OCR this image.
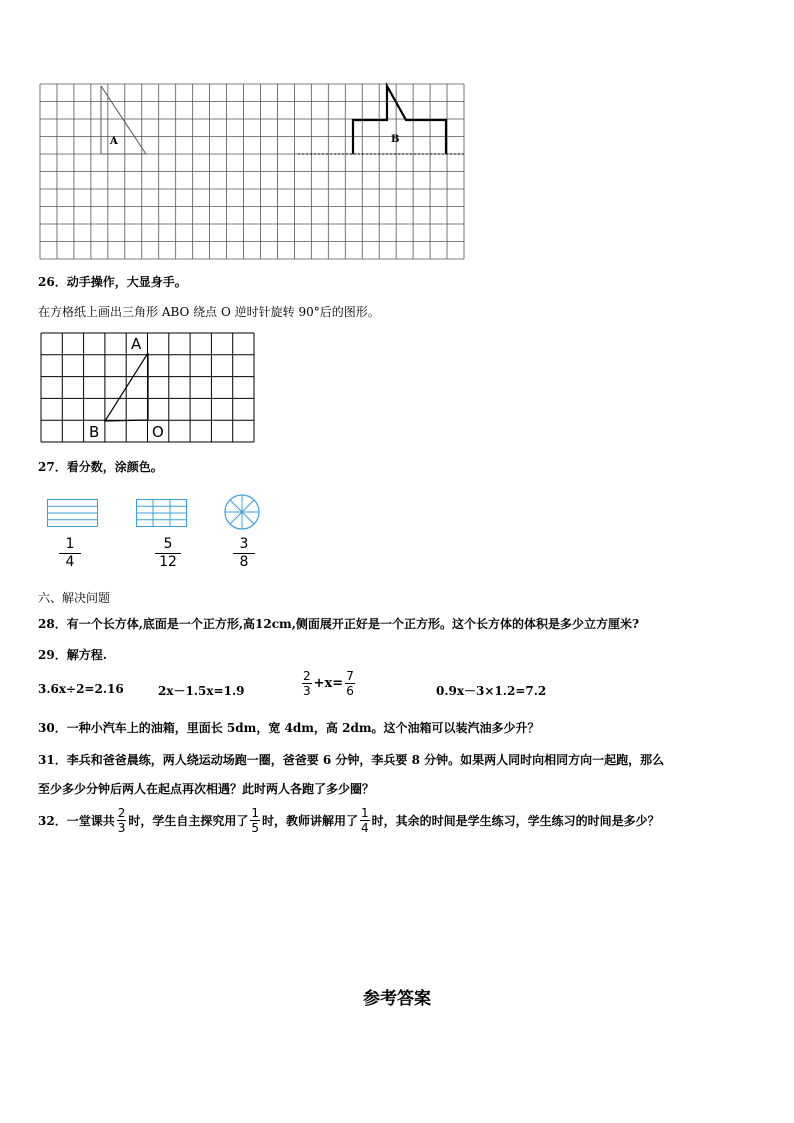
A	B
26．动手操作，大显身手。
在方格纸上画出三角形 ABO 绕点 O 逆时针旋转 90°后的图形。
A
B	O
27．看分数，涂颜色。
$\frac{1}{4}$	$\frac{5}{12}$	$\frac{3}{8}$
六、解决问题
28．有一个长方体,底面是一个正方形,高12cm,侧面展开正好是一个正方形。这个长方体的体积是多少立方厘米?
29．解方程.
3.6x÷2=2.16	2x－1.5x=1.9	$\frac{2}{3} +x= \frac{7}{6}$	0.9x－3×1.2=7.2
30．一种小汽车上的油箱，里面长 5dm，宽 4dm，高 2dm。这个油箱可以装汽油多少升？
31．李兵和爸爸晨练，两人绕运动场跑一圈，爸爸要 6 分钟，李兵要 8 分钟。如果两人同时向相同方向一起跑，那么
至少多少分钟后两人在起点再次相遇？此时两人各跑了多少圈？
32．一堂课共 $\frac{2}{3}$ 时，学生自主探究用了 $\frac{1}{5}$ 时，教师讲解用了 $\frac{1}{4}$ 时，其余的时间是学生练习，学生练习的时间是多少？
参考答案
